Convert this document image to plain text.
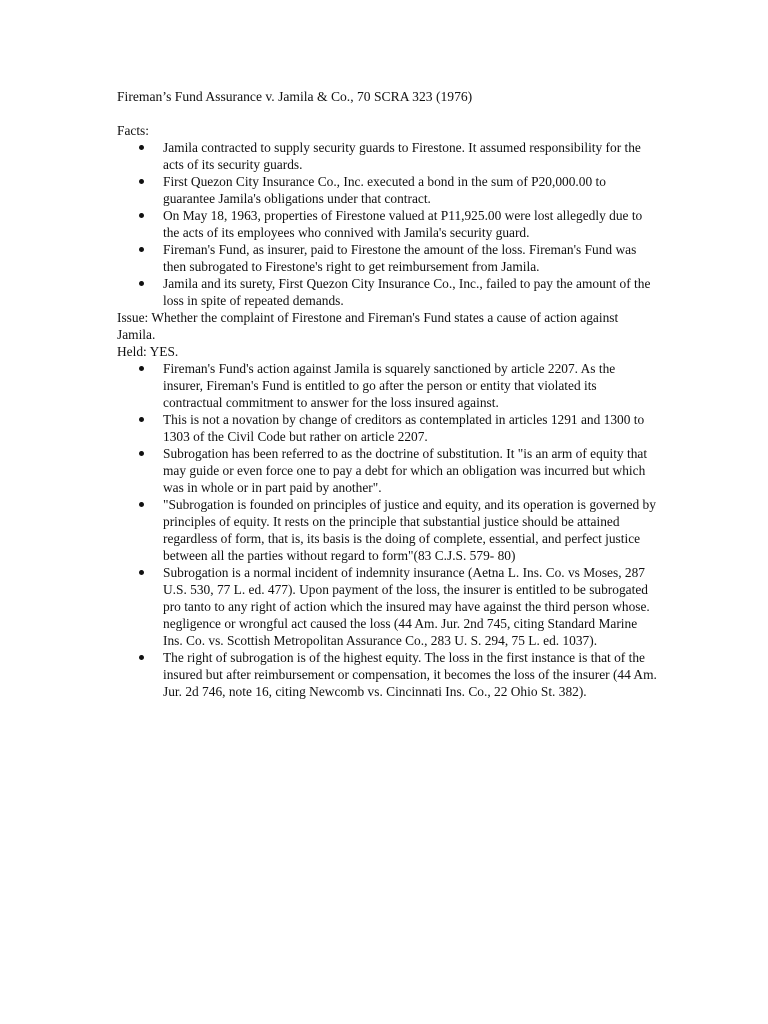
Fireman’s Fund Assurance v. Jamila & Co., 70 SCRA 323 (1976)

Facts:

Jamila contracted to supply security guards to Firestone. It assumed responsibility for the acts of its security guards.
First Quezon City Insurance Co., Inc. executed a bond in the sum of P20,000.00 to guarantee Jamila's obligations under that contract.
On May 18, 1963, properties of Firestone valued at P11,925.00 were lost allegedly due to the acts of its employees who connived with Jamila's security guard.
Fireman's Fund, as insurer, paid to Firestone the amount of the loss. Fireman's Fund was then subrogated to Firestone's right to get reimbursement from Jamila.
Jamila and its surety, First Quezon City Insurance Co., Inc., failed to pay the amount of the loss in spite of repeated demands.

Issue: Whether the complaint of Firestone and Fireman's Fund states a cause of action against Jamila.

Held: YES.

Fireman's Fund's action against Jamila is squarely sanctioned by article 2207. As the insurer, Fireman's Fund is entitled to go after the person or entity that violated its contractual commitment to answer for the loss insured against.
This is not a novation by change of creditors as contemplated in articles 1291 and 1300 to 1303 of the Civil Code but rather on article 2207.
Subrogation has been referred to as the doctrine of substitution. It "is an arm of equity that may guide or even force one to pay a debt for which an obligation was incurred but which was in whole or in part paid by another".
"Subrogation is founded on principles of justice and equity, and its operation is governed by principles of equity. It rests on the principle that substantial justice should be attained regardless of form, that is, its basis is the doing of complete, essential, and perfect justice between all the parties without regard to form"(83 C.J.S. 579- 80)
Subrogation is a normal incident of indemnity insurance (Aetna L. Ins. Co. vs Moses, 287 U.S. 530, 77 L. ed. 477). Upon payment of the loss, the insurer is entitled to be subrogated pro tanto to any right of action which the insured may have against the third person whose. negligence or wrongful act caused the loss (44 Am. Jur. 2nd 745, citing Standard Marine Ins. Co. vs. Scottish Metropolitan Assurance Co., 283 U. S. 294, 75 L. ed. 1037).
The right of subrogation is of the highest equity. The loss in the first instance is that of the insured but after reimbursement or compensation, it becomes the loss of the insurer (44 Am. Jur. 2d 746, note 16, citing Newcomb vs. Cincinnati Ins. Co., 22 Ohio St. 382).
